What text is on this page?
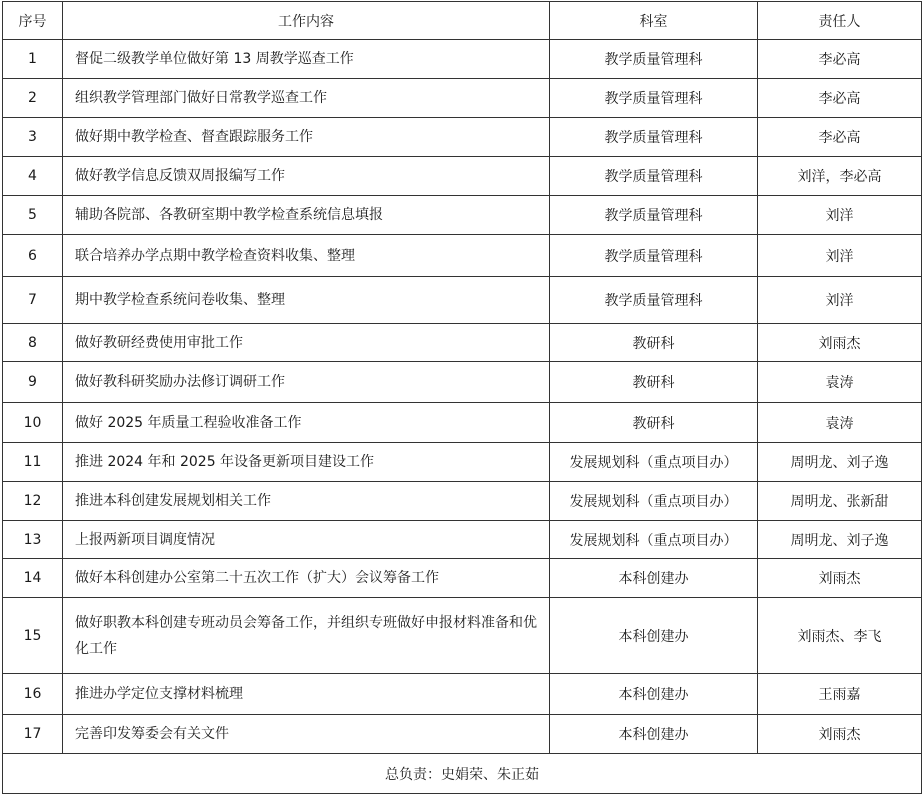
序号	工作内容	科室	责任人
1	督促二级教学单位做好第 13 周教学巡查工作	教学质量管理科	李必高
2	组织教学管理部门做好日常教学巡查工作	教学质量管理科	李必高
3	做好期中教学检查、督查跟踪服务工作	教学质量管理科	李必高
4	做好教学信息反馈双周报编写工作	教学质量管理科	刘洋，李必高
5	辅助各院部、各教研室期中教学检查系统信息填报	教学质量管理科	刘洋
6	联合培养办学点期中教学检查资料收集、整理	教学质量管理科	刘洋
7	期中教学检查系统问卷收集、整理	教学质量管理科	刘洋
8	做好教研经费使用审批工作	教研科	刘雨杰
9	做好教科研奖励办法修订调研工作	教研科	袁涛
10	做好 2025 年质量工程验收准备工作	教研科	袁涛
11	推进 2024 年和 2025 年设备更新项目建设工作	发展规划科（重点项目办）	周明龙、刘子逸
12	推进本科创建发展规划相关工作	发展规划科（重点项目办）	周明龙、张新甜
13	上报两新项目调度情况	发展规划科（重点项目办）	周明龙、刘子逸
14	做好本科创建办公室第二十五次工作（扩大）会议筹备工作	本科创建办	刘雨杰
15	做好职教本科创建专班动员会筹备工作，并组织专班做好申报材料准备和优化工作	本科创建办	刘雨杰、李飞
16	推进办学定位支撑材料梳理	本科创建办	王雨嘉
17	完善印发筹委会有关文件	本科创建办	刘雨杰
总负责：史娟荣、朱正茹			
